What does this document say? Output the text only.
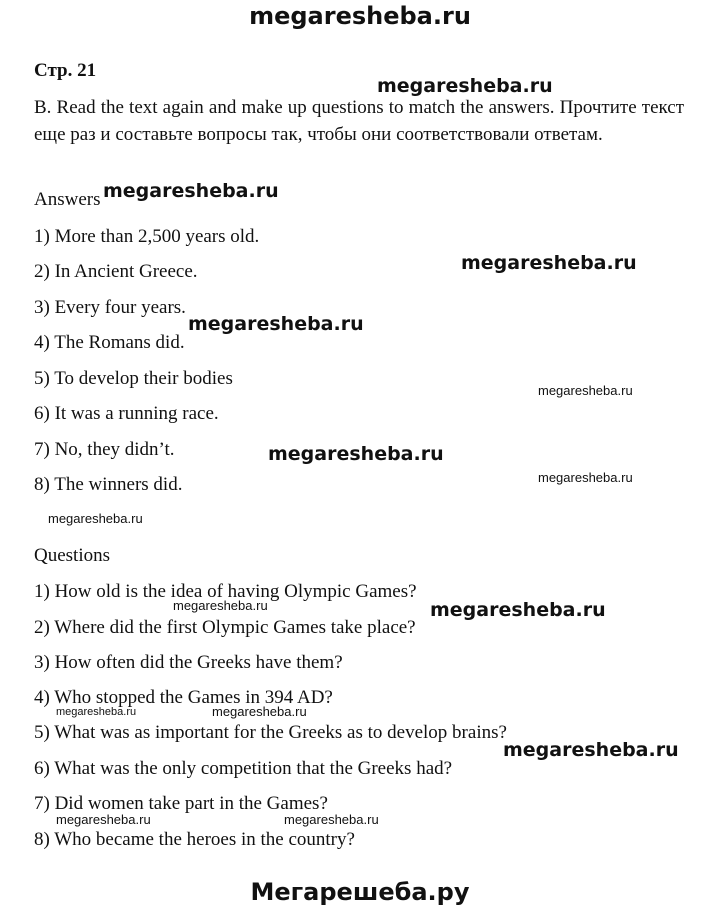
megaresheba.ru
Мегарешеба.ру
Стр. 21
B. Read the text again and make up questions to match the answers. Прочтите текст еще раз и составьте вопросы так, чтобы они соответствовали ответам.
Answers
1) More than 2,500 years old.
2) In Ancient Greece.
3) Every four years.
4) The Romans did.
5) To develop their bodies
6) It was a running race.
7) No, they didn’t.
8) The winners did.
Questions
1) How old is the idea of having Olympic Games?
2) Where did the first Olympic Games take place?
3) How often did the Greeks have them?
4) Who stopped the Games in 394 AD?
5) What was as important for the Greeks as to develop brains?
6) What was the only competition that the Greeks had?
7) Did women take part in the Games?
8) Who became the heroes in the country?
megaresheba.ru
megaresheba.ru
megaresheba.ru
megaresheba.ru
megaresheba.ru
megaresheba.ru
megaresheba.ru
megaresheba.ru
megaresheba.ru	megaresheba.ru
megaresheba.ru	megaresheba.ru
megaresheba.ru
megaresheba.ru	megaresheba.ru
